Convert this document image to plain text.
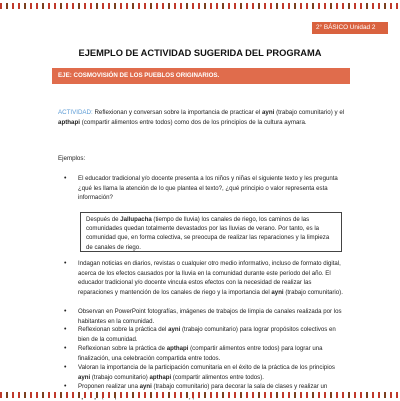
2° BÁSICO Unidad 2
EJEMPLO DE ACTIVIDAD SUGERIDA DEL PROGRAMA
EJE: COSMOVISIÓN DE LOS PUEBLOS ORIGINARIOS.
ACTIVIDAD: Reflexionan y conversan sobre la importancia de practicar el ayni (trabajo comunitario) y el apthapi (compartir alimentos entre todos) como dos de los principios de la cultura aymara.
Ejemplos:
• El educador tradicional y/o docente presenta a los niños y niñas el siguiente texto y les pregunta ¿qué les llama la atención de lo que plantea el texto?, ¿qué principio o valor representa esta información?
Después de Jallupacha (tiempo de lluvia) los canales de riego, los caminos de las comunidades quedan totalmente devastados por las lluvias de verano. Por tanto, es la comunidad que, en forma colectiva, se preocupa de realizar las reparaciones y la limpieza de canales de riego.
• Indagan noticias en diarios, revistas o cualquier otro medio informativo, incluso de formato digital, acerca de los efectos causados por la lluvia en la comunidad durante este período del año. El educador tradicional y/o docente vincula estos efectos con la necesidad de realizar las reparaciones y mantención de los canales de riego y la importancia del ayni (trabajo comunitario).
• Observan en PowerPoint fotografías, imágenes de trabajos de limpia de canales realizada por los habitantes en la comunidad.
• Reflexionan sobre la práctica del ayni (trabajo comunitario) para lograr propósitos colectivos en bien de la comunidad.
• Reflexionan sobre la práctica de apthapi (compartir alimentos entre todos) para lograr una finalización, una celebración compartida entre todos.
• Valoran la importancia de la participación comunitaria en el éxito de la práctica de los principios ayni (trabajo comunitario) apthapi (compartir alimentos entre todos).
• Proponen realizar una ayni (trabajo comunitario) para decorar la sala de clases y realizar un
